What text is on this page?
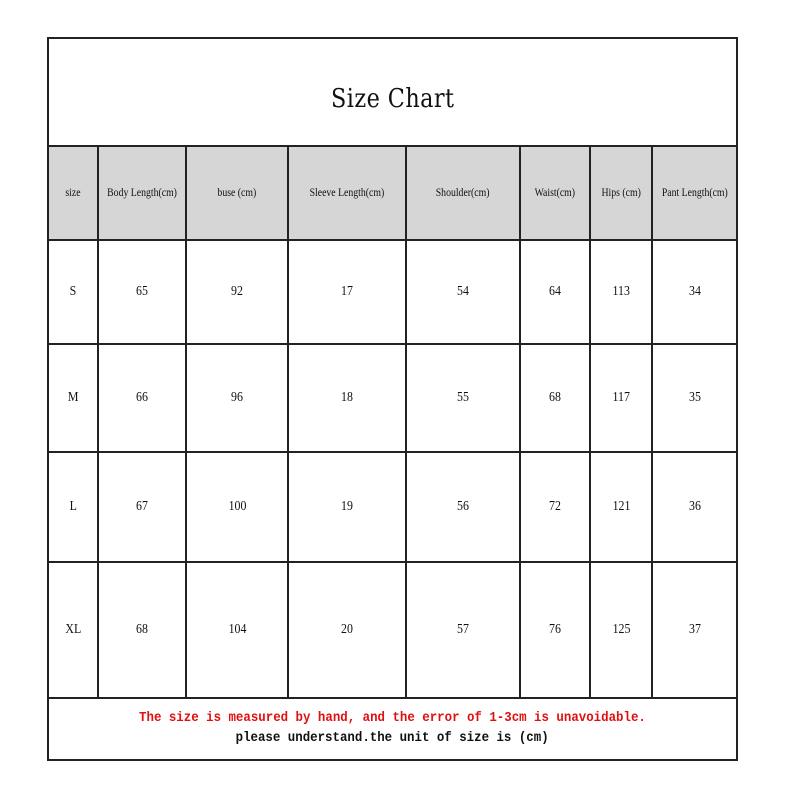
Size Chart
size	Body Length(cm)	buse (cm)	Sleeve Length(cm)	Shoulder(cm)	Waist(cm)	Hips (cm)	Pant Length(cm)
S	65	92	17	54	64	113	34
M	66	96	18	55	68	117	35
L	67	100	19	56	72	121	36
XL	68	104	20	57	76	125	37
The size is measured by hand, and the error of 1-3cm is unavoidable.
please understand.the unit of size is (cm)
